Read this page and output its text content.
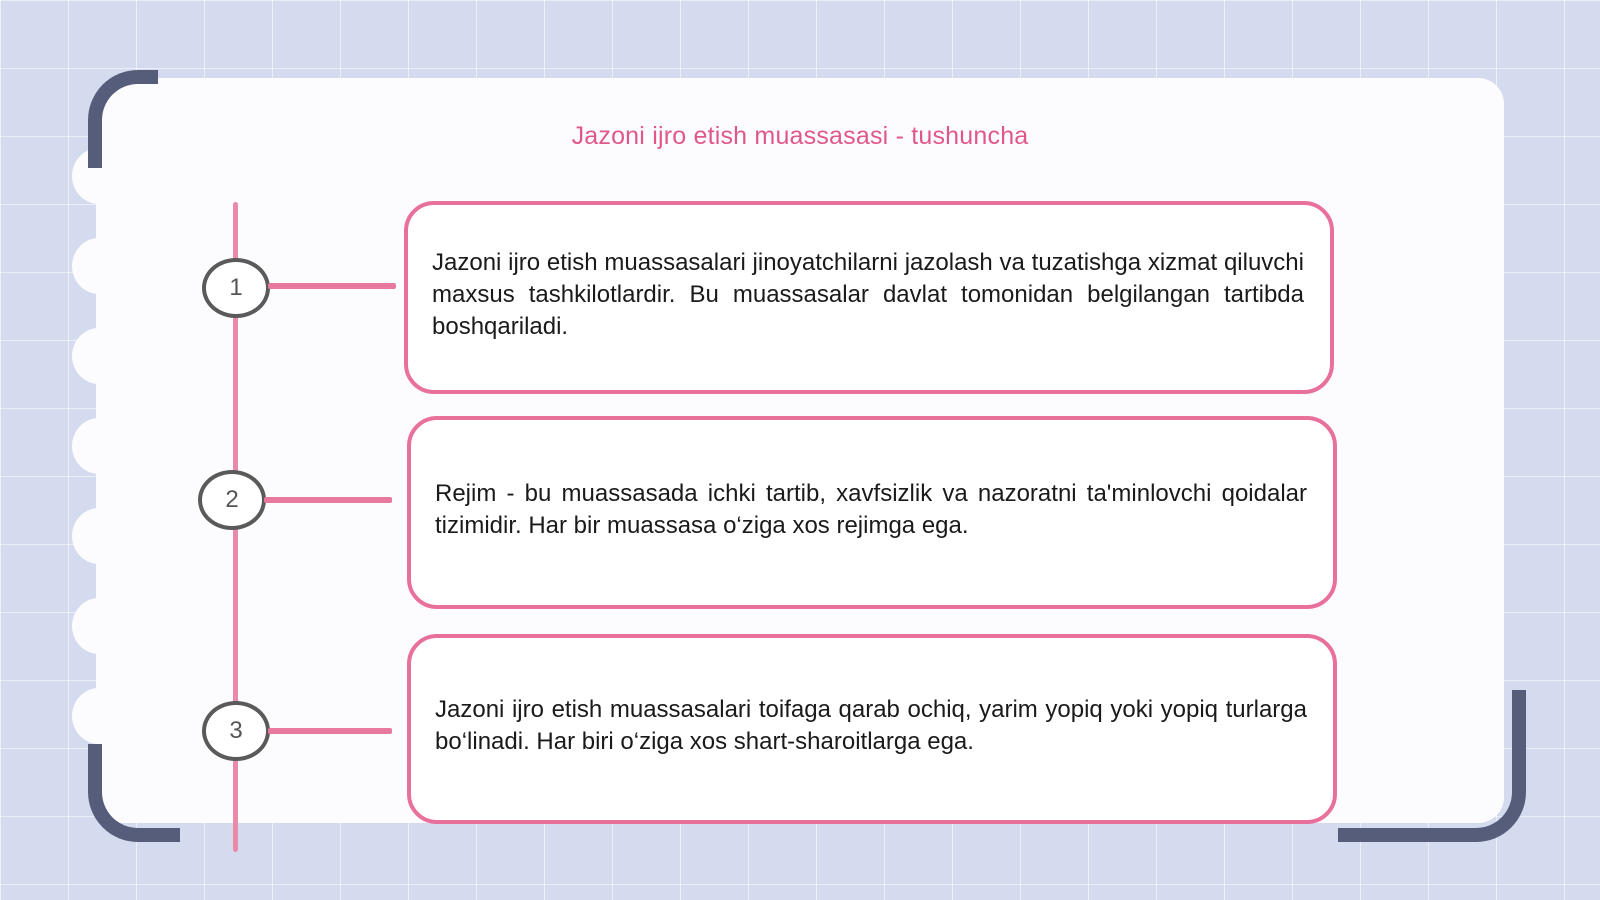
Jazoni ijro etish muassasasi - tushuncha
1

Jazoni ijro etish muassasalari jinoyatchilarni jazolash va tuzatishga xizmat qiluvchi maxsus tashkilotlardir. Bu muassasalar davlat tomonidan belgilangan tartibda boshqariladi.

2	Rejim - bu muassasada ichki tartib, xavfsizlik va nazoratni ta'minlovchi qoidalar tizimidir. Har bir muassasa o‘ziga xos rejimga ega.

3

Jazoni ijro etish muassasalari toifaga qarab ochiq, yarim yopiq yoki yopiq turlarga bo‘linadi. Har biri o‘ziga xos shart-sharoitlarga ega.
